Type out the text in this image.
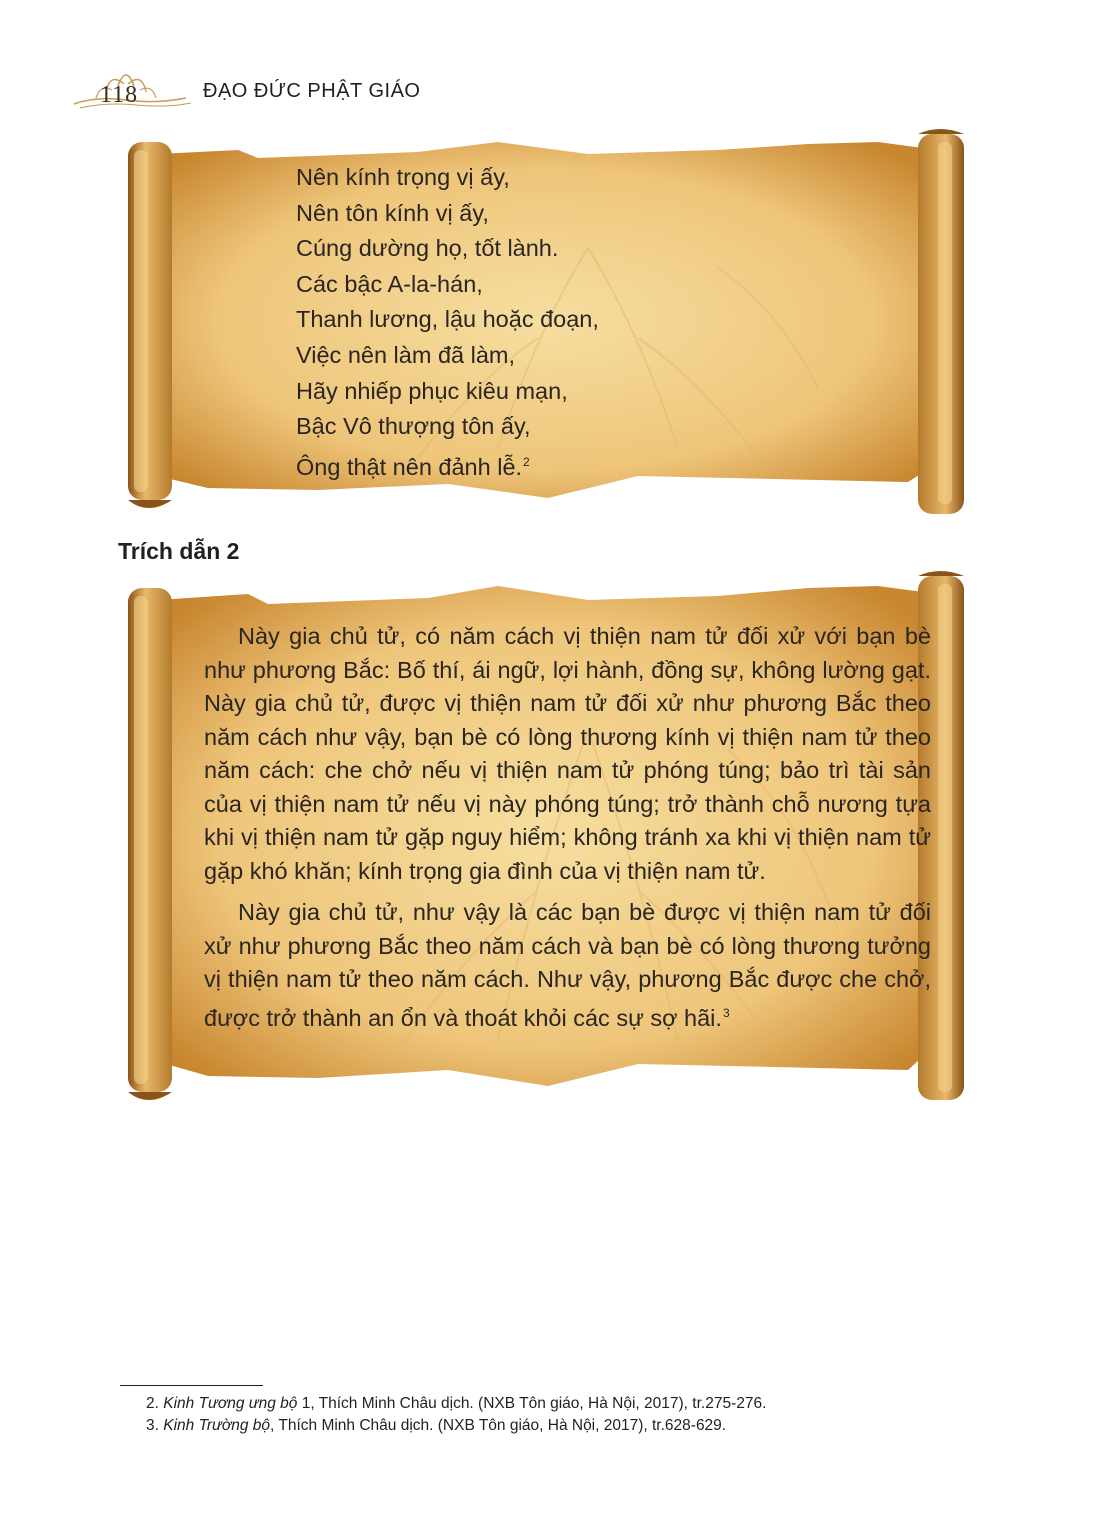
118	ĐẠO ĐỨC PHẬT GIÁO
Nên kính trọng vị ấy,
Nên tôn kính vị ấy,
Cúng dường họ, tốt lành.
Các bậc A-la-hán,
Thanh lương, lậu hoặc đoạn,
Việc nên làm đã làm,
Hãy nhiếp phục kiêu mạn,
Bậc Vô thượng tôn ấy,
Ông thật nên đảnh lễ.$^2$
Trích dẫn 2

Này gia chủ tử, có năm cách vị thiện nam tử đối xử với bạn bè như phương Bắc: Bố thí, ái ngữ, lợi hành, đồng sự, không lường gạt. Này gia chủ tử, được vị thiện nam tử đối xử như phương Bắc theo năm cách như vậy, bạn bè có lòng thương kính vị thiện nam tử theo năm cách: che chở nếu vị thiện nam tử phóng túng; bảo trì tài sản của vị thiện nam tử nếu vị này phóng túng; trở thành chỗ nương tựa khi vị thiện nam tử gặp nguy hiểm; không tránh xa khi vị thiện nam tử gặp khó khăn; kính trọng gia đình của vị thiện nam tử.

Này gia chủ tử, như vậy là các bạn bè được vị thiện nam tử đối xử như phương Bắc theo năm cách và bạn bè có lòng thương tưởng vị thiện nam tử theo năm cách. Như vậy, phương Bắc được che chở, được trở thành an ổn và thoát khỏi các sự sợ hãi.$^3$

2. Kinh Tương ưng bộ 1, Thích Minh Châu dịch. (NXB Tôn giáo, Hà Nội, 2017), tr.275-276.
3. Kinh Trường bộ, Thích Minh Châu dịch. (NXB Tôn giáo, Hà Nội, 2017), tr.628-629.
